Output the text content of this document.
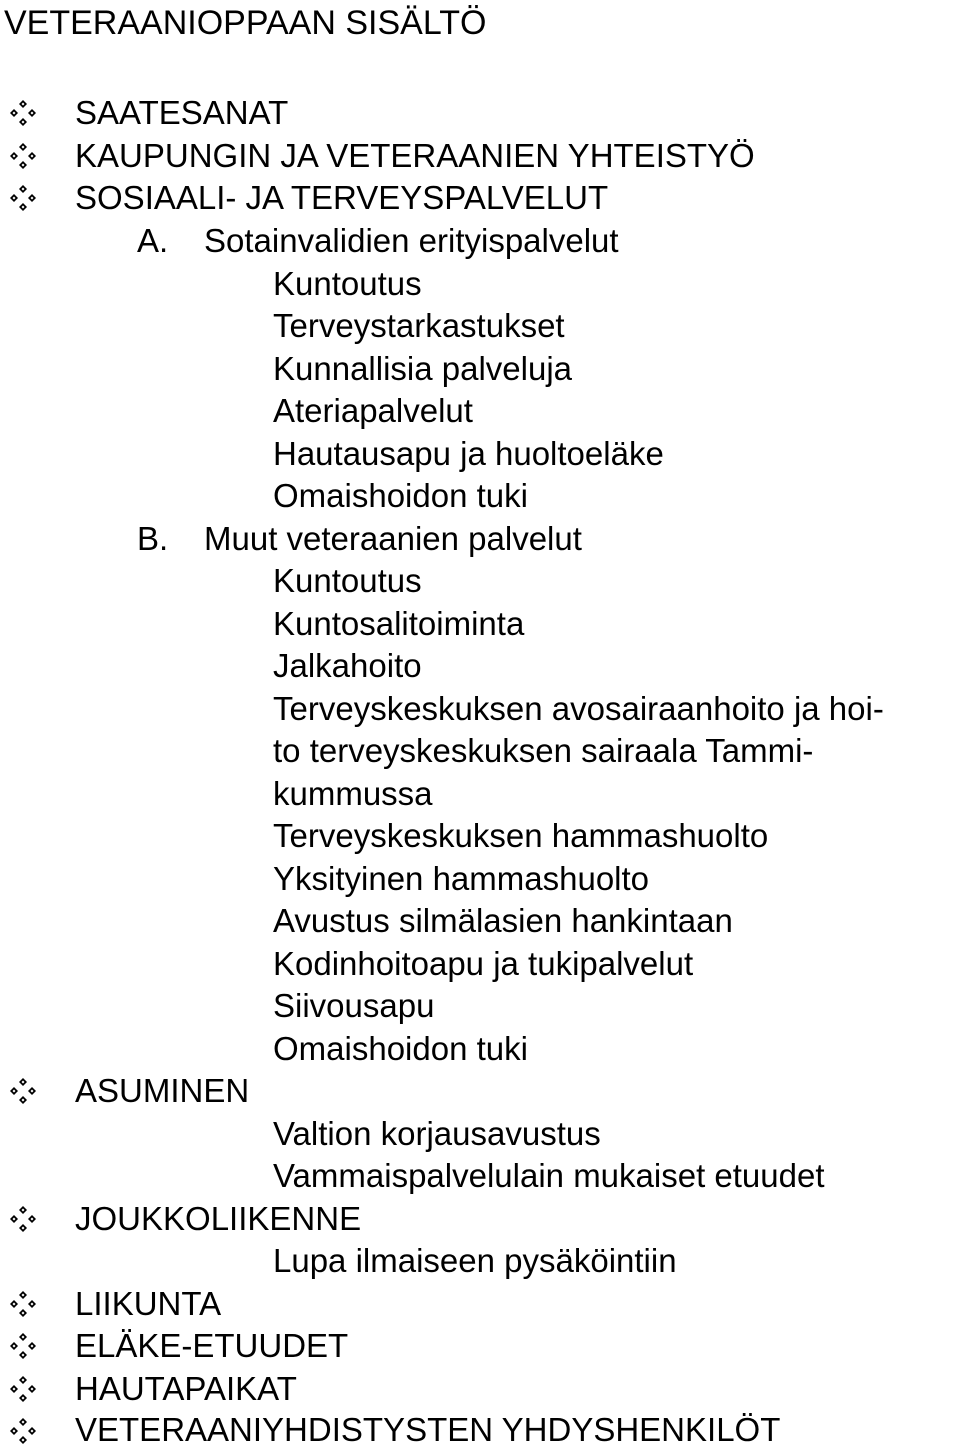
VETERAANIOPPAAN SISÄLTÖ
SAATESANAT
KAUPUNGIN JA VETERAANIEN YHTEISTYÖ
SOSIAALI- JA TERVEYSPALVELUT
A. Sotainvalidien erityispalvelut
Kuntoutus
Terveystarkastukset
Kunnallisia palveluja
Ateriapalvelut
Hautausapu ja huoltoeläke
Omaishoidon tuki
B. Muut veteraanien palvelut
Kuntoutus
Kuntosalitoiminta
Jalkahoito
Terveyskeskuksen avosairaanhoito ja hoi-
to terveyskeskuksen sairaala Tammi-
kummussa
Terveyskeskuksen hammashuolto
Yksityinen hammashuolto
Avustus silmälasien hankintaan
Kodinhoitoapu ja tukipalvelut
Siivousapu
Omaishoidon tuki
ASUMINEN
Valtion korjausavustus
Vammaispalvelulain mukaiset etuudet
JOUKKOLIIKENNE
Lupa ilmaiseen pysäköintiin
LIIKUNTA
ELÄKE-ETUUDET
HAUTAPAIKAT
VETERAANIYHDISTYSTEN YHDYSHENKILÖT
